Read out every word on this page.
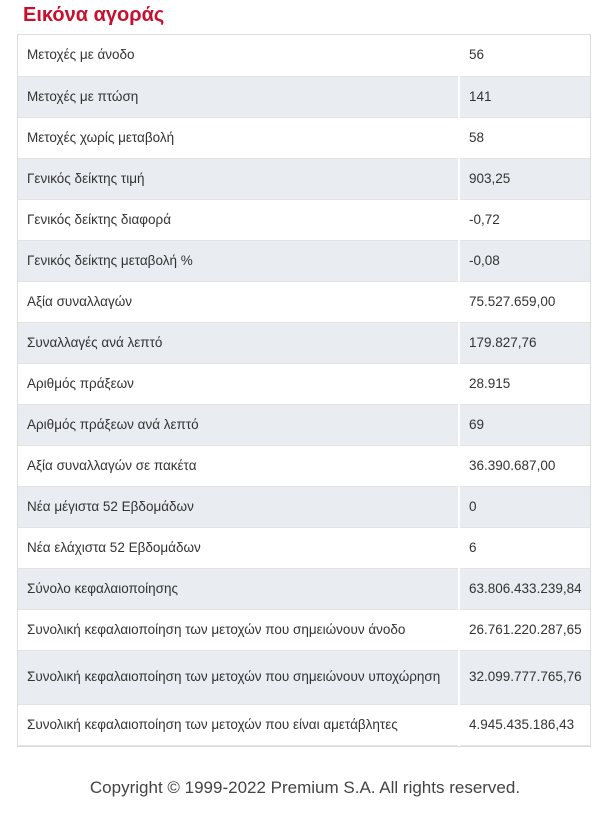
Εικόνα αγοράς
Μετοχές με άνοδο	56
Μετοχές με πτώση	141
Μετοχές χωρίς μεταβολή	58
Γενικός δείκτης τιμή	903,25
Γενικός δείκτης διαφορά	-0,72
Γενικός δείκτης μεταβολή %	-0,08
Αξία συναλλαγών	75.527.659,00
Συναλλαγές ανά λεπτό	179.827,76
Αριθμός πράξεων	28.915
Αριθμός πράξεων ανά λεπτό	69
Αξία συναλλαγών σε πακέτα	36.390.687,00
Νέα μέγιστα 52 Εβδομάδων	0
Νέα ελάχιστα 52 Εβδομάδων	6
Σύνολο κεφαλαιοποίησης	63.806.433.239,84
Συνολική κεφαλαιοποίηση των μετοχών που σημειώνουν άνοδο	26.761.220.287,65
Συνολική κεφαλαιοποίηση των μετοχών που σημειώνουν υποχώρηση	32.099.777.765,76
Συνολική κεφαλαιοποίηση των μετοχών που είναι αμετάβλητες	4.945.435.186,43
Copyright © 1999-2022 Premium S.A. All rights reserved.
